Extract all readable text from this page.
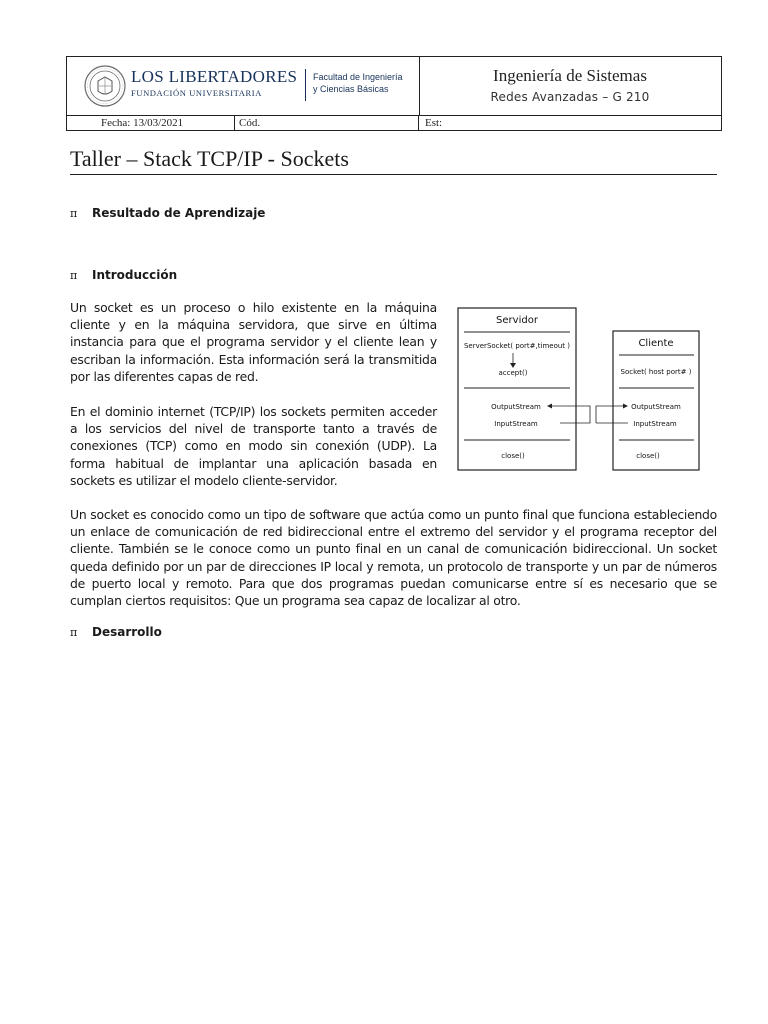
LOS LIBERTADORES
FUNDACIÓN UNIVERSITARIA
Facultad de Ingeniería
y Ciencias Básicas
Ingeniería de Sistemas
Redes Avanzadas – G 210
Fecha: 13/03/2021	Cód.	Est:
Taller – Stack TCP/IP - Sockets
π Resultado de Aprendizaje
π Introducción
Un socket es un proceso o hilo existente en la máquina cliente y en la máquina servidora, que sirve en última instancia para que el programa servidor y el cliente lean y escriban la información. Esta información será la transmitida por las diferentes capas de red.
En el dominio internet (TCP/IP) los sockets permiten acceder a los servicios del nivel de transporte tanto a través de conexiones (TCP) como en modo sin conexión (UDP). La forma habitual de implantar una aplicación basada en sockets es utilizar el modelo cliente-servidor.
Un socket es conocido como un tipo de software que actúa como un punto final que funciona estableciendo un enlace de comunicación de red bidireccional entre el extremo del servidor y el programa receptor del cliente. También se le conoce como un punto final en un canal de comunicación bidireccional. Un socket queda definido por un par de direcciones IP local y remota, un protocolo de transporte y un par de números de puerto local y remoto. Para que dos programas puedan comunicarse entre sí es necesario que se cumplan ciertos requisitos: Que un programa sea capaz de localizar al otro.
π Desarrollo
Servidor
ServerSocket( port#,timeout )
accept()
OutputStream
InputStream
close()
Cliente
Socket( host port# )
OutputStream
InputStream
close()
